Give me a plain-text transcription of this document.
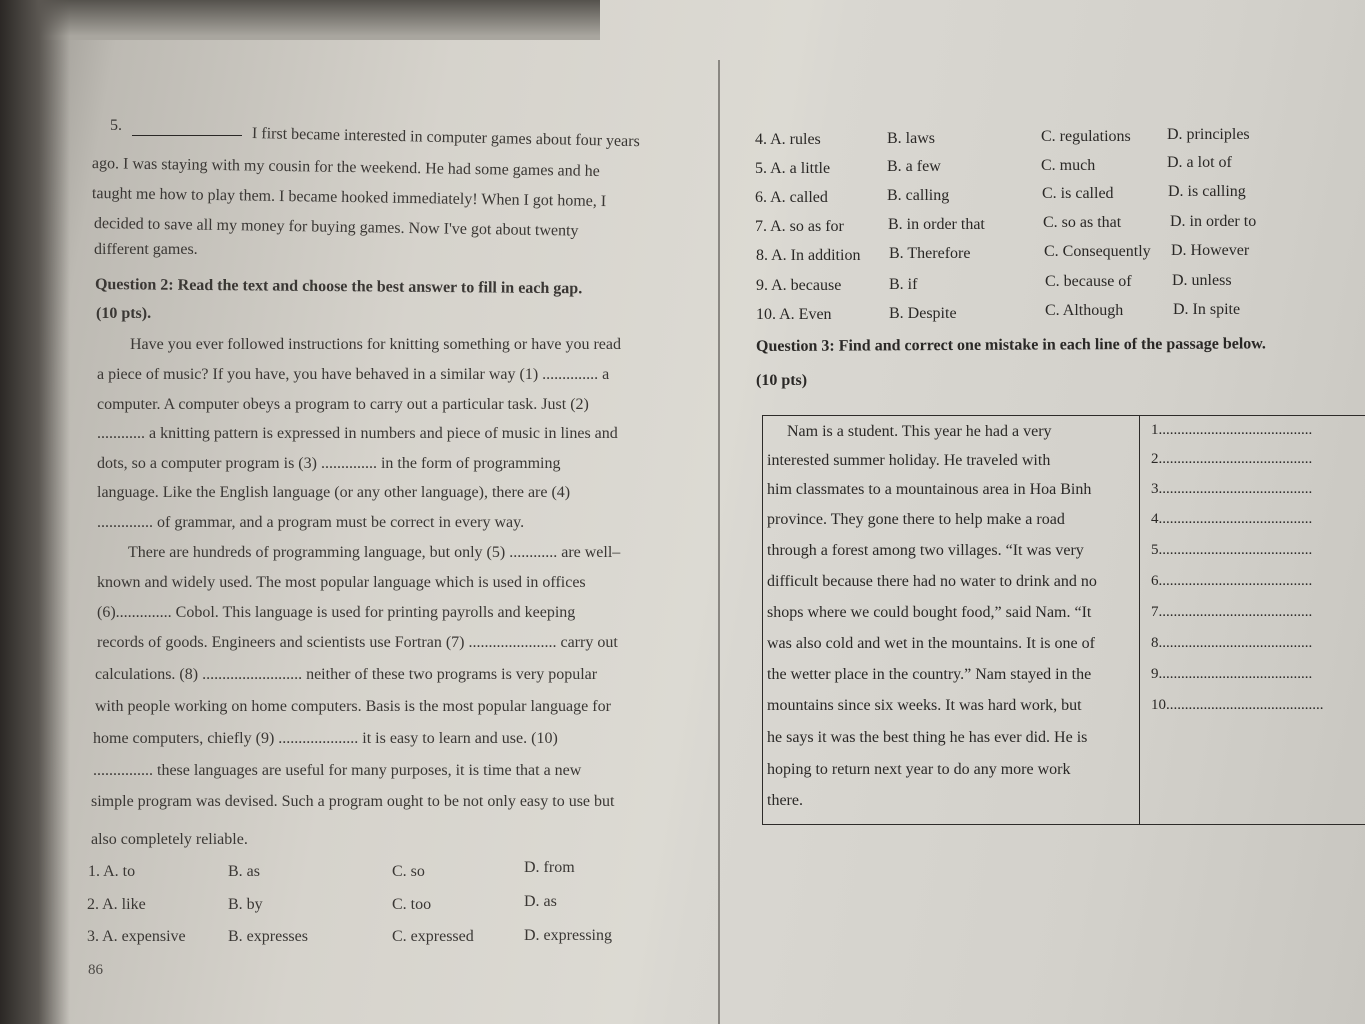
5.	I first became interested in computer games about four years
ago. I was staying with my cousin for the weekend. He had some games and he
taught me how to play them. I became hooked immediately! When I got home, I
decided to save all my money for buying games. Now I've got about twenty
different games.
Question 2: Read the text and choose the best answer to fill in each gap.
(10 pts).
Have you ever followed instructions for knitting something or have you read
a piece of music? If you have, you have behaved in a similar way (1) .............. a
computer. A computer obeys a program to carry out a particular task. Just (2)
............ a knitting pattern is expressed in numbers and piece of music in lines and
dots, so a computer program is (3) .............. in the form of programming
language. Like the English language (or any other language), there are (4)
.............. of grammar, and a program must be correct in every way.
There are hundreds of programming language, but only (5) ............ are well–
known and widely used. The most popular language which is used in offices
(6).............. Cobol. This language is used for printing payrolls and keeping
records of goods. Engineers and scientists use Fortran (7) ...................... carry out
calculations. (8) ......................... neither of these two programs is very popular
with people working on home computers. Basis is the most popular language for
home computers, chiefly (9) .................... it is easy to learn and use. (10)
............... these languages are useful for many purposes, it is time that a new
simple program was devised. Such a program ought to be not only easy to use but
also completely reliable.
1. A. to	B. as	C. so	D. from
2. A. like	B. by	C. too	D. as
3. A. expensive	B. expresses	C. expressed	D. expressing
86
4. A. rules	B. laws	C. regulations D. principles
5. A. a little	B. a few	C. much	D. a lot of
6. A. called	B. calling	C. is called	D. is calling
7. A. so as for	B. in order that	C. so as that	D. in order to
8. A. In addition B. Therefore	C. Consequently D. However
9. A. because	B. if	C. because of	D. unless
10. A. Even	B. Despite	C. Although	D. In spite
Question 3: Find and correct one mistake in each line of the passage below.
(10 pts)
Nam is a student. This year he had a very
interested summer holiday. He traveled with
him classmates to a mountainous area in Hoa Binh
province. They gone there to help make a road
through a forest among two villages. “It was very
difficult because there had no water to drink and no
shops where we could bought food,” said Nam. “It
was also cold and wet in the mountains. It is one of
the wetter place in the country.” Nam stayed in the
mountains since six weeks. It was hard work, but
he says it was the best thing he has ever did. He is
hoping to return next year to do any more work
there.
1.........................................
2.........................................
3.........................................
4.........................................
5.........................................
6.........................................
7.........................................
8.........................................
9.........................................
10..........................................
